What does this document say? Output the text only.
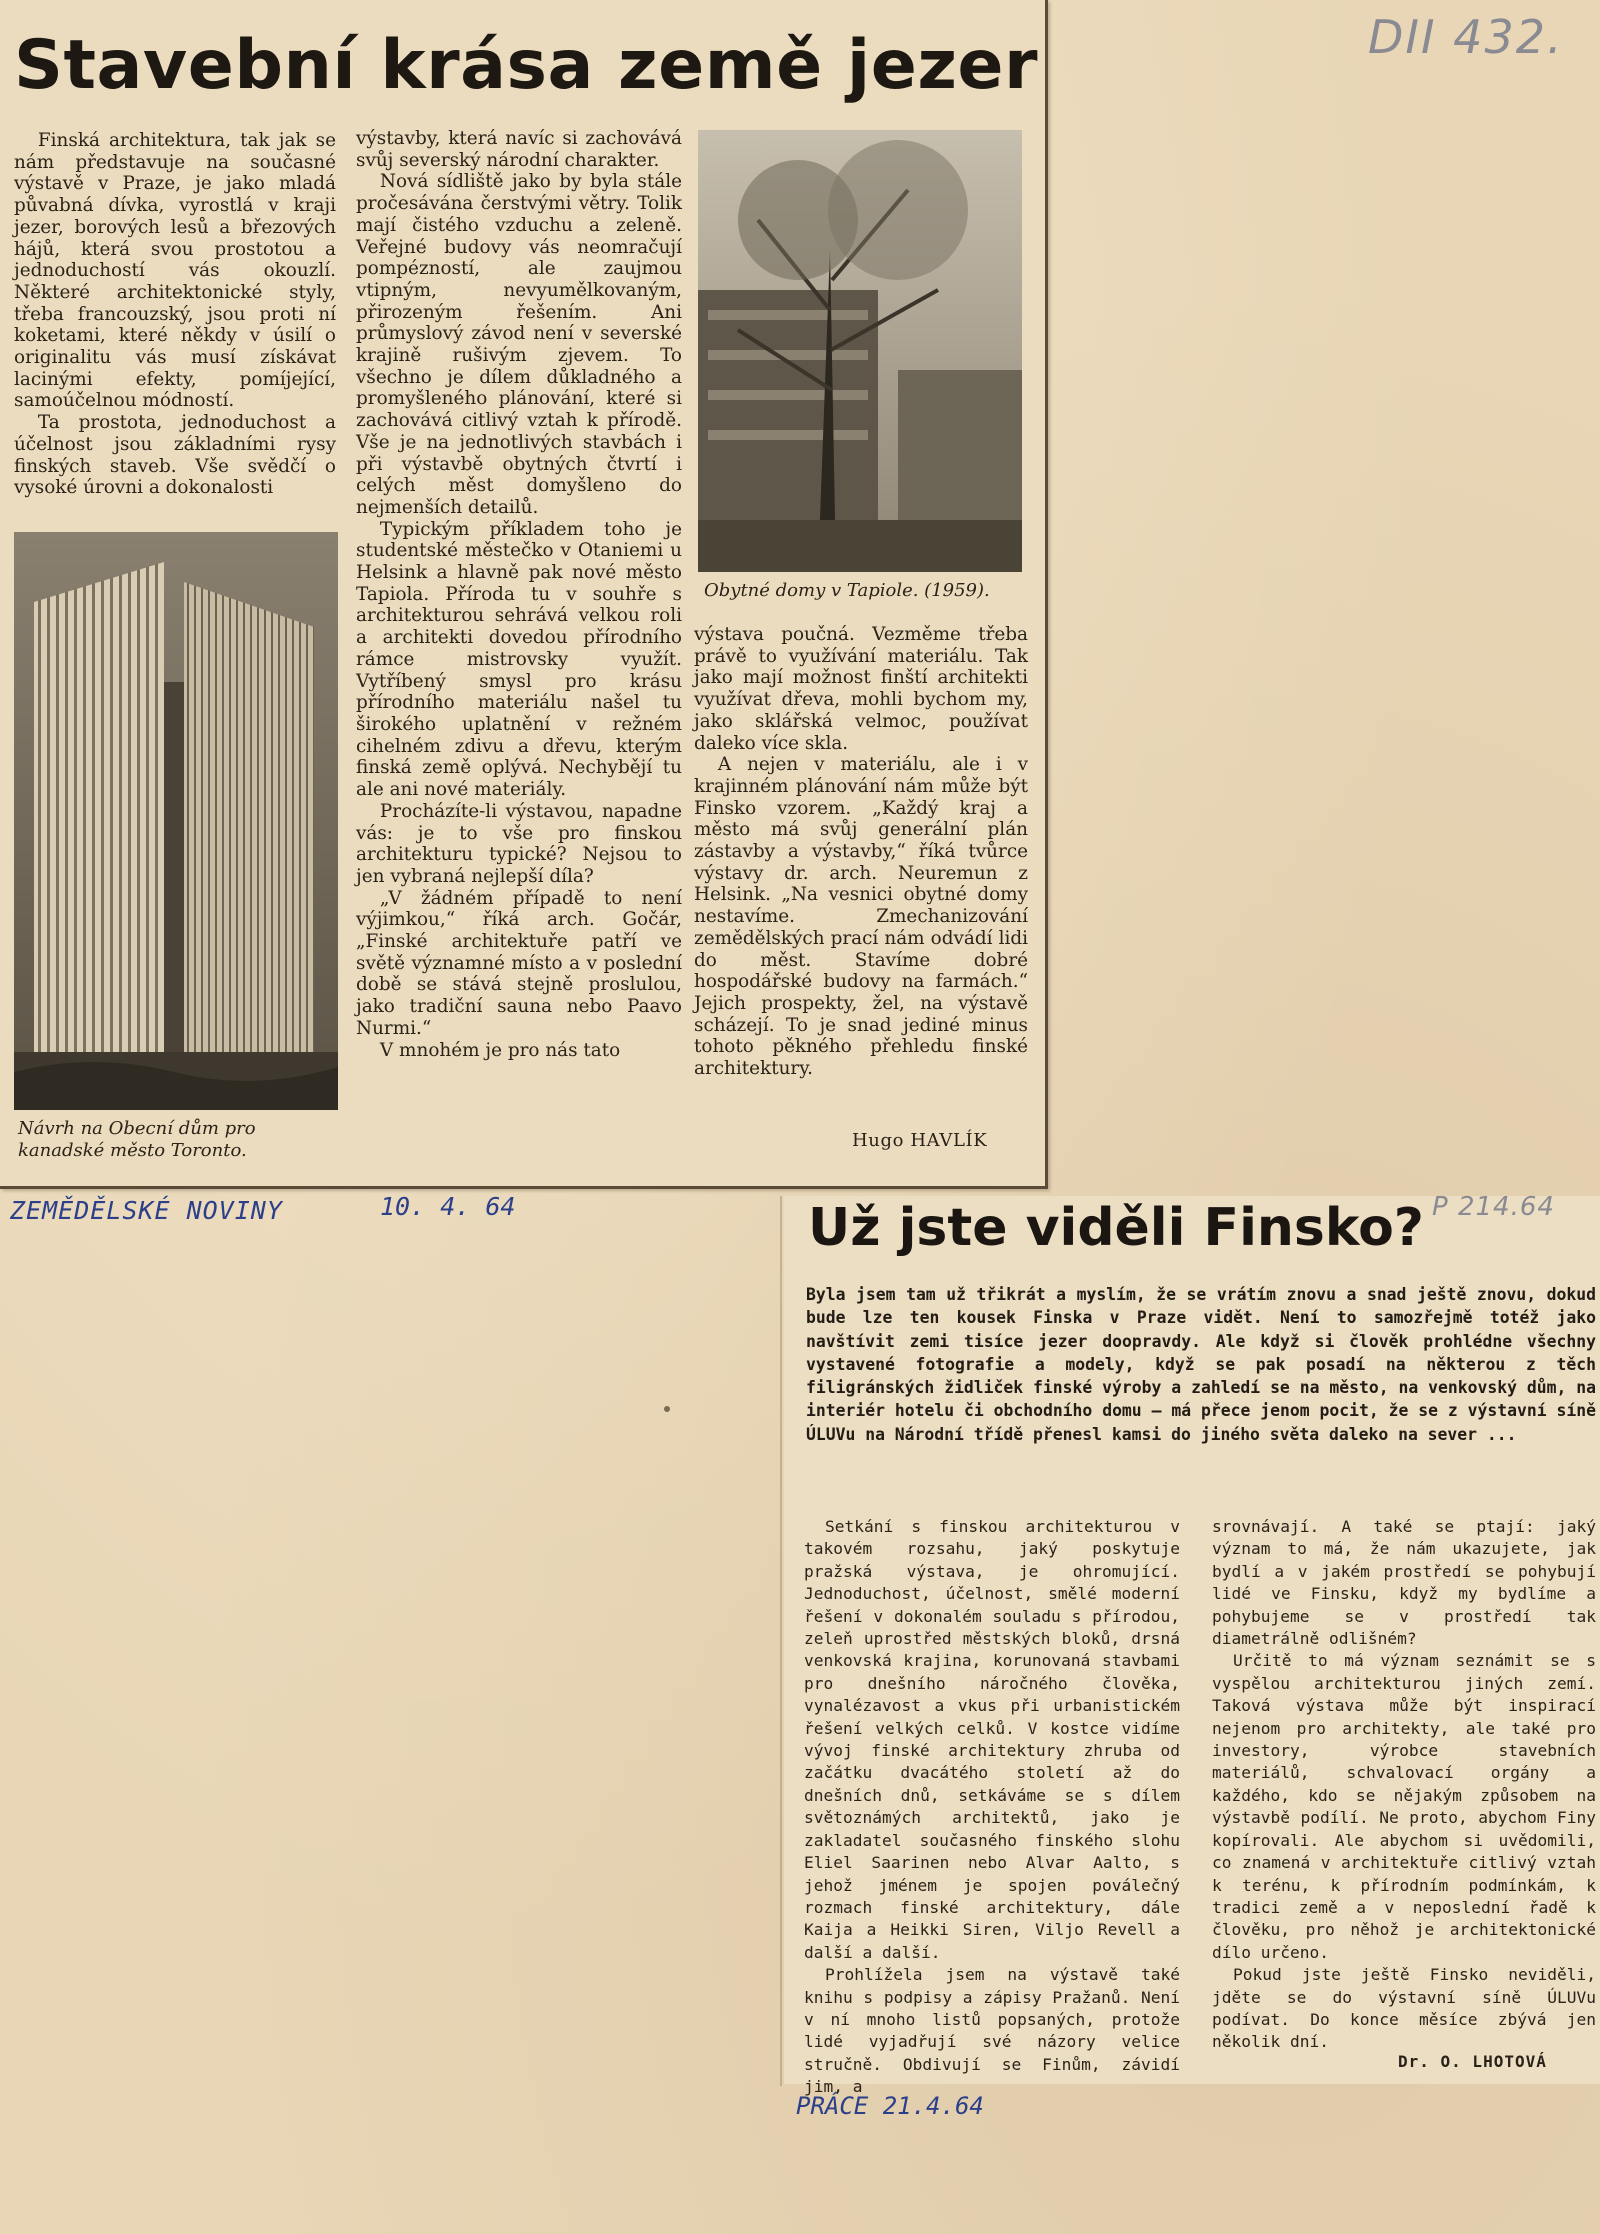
Stavební krása země jezer

Finská architektura, tak jak se nám představuje na současné výstavě v Praze, je jako mladá půvabná dívka, vyrostlá v kraji jezer, borových lesů a březových hájů, která svou prostotou a jednoduchostí vás okouzlí. Některé architektonické styly, třeba francouzský, jsou proti ní koketami, které někdy v úsilí o originalitu vás musí získávat lacinými efekty, pomíjející, samoúčelnou módností.

Ta prostota, jednoduchost a účelnost jsou základními rysy finských staveb. Vše svědčí o vysoké úrovni a dokonalosti

Návrh na Obecní dům pro kanadské město Toronto.

výstavby, která navíc si zachovává svůj severský národní charakter.

Nová sídliště jako by byla stále pročesávána čerstvými větry. Tolik mají čistého vzduchu a zeleně. Veřejné budovy vás neomračují pompézností, ale zaujmou vtipným, nevyumělkovaným, přirozeným řešením. Ani průmyslový závod není v severské krajině rušivým zjevem. To všechno je dílem důkladného a promyšleného plánování, které si zachovává citlivý vztah k přírodě. Vše je na jednotlivých stavbách i při výstavbě obytných čtvrtí i celých měst domyšleno do nejmenších detailů.

Typickým příkladem toho je studentské městečko v Otaniemi u Helsink a hlavně pak nové město Tapiola. Příroda tu v souhře s architekturou sehrává velkou roli a architekti dovedou přírodního rámce mistrovsky využít. Vytříbený smysl pro krásu přírodního materiálu našel tu širokého uplatnění v režném cihelném zdivu a dřevu, kterým finská země oplývá. Nechybějí tu ale ani nové materiály.

Procházíte-li výstavou, napadne vás: je to vše pro finskou architekturu typické? Nejsou to jen vybraná nejlepší díla?

„V žádném případě to není výjimkou,“ říká arch. Gočár, „Finské architektuře patří ve světě významné místo a v poslední době se stává stejně proslulou, jako tradiční sauna nebo Paavo Nurmi.“

V mnohém je pro nás tato

Obytné domy v Tapiole. (1959).

výstava poučná. Vezměme třeba právě to využívání materiálu. Tak jako mají možnost finští architekti využívat dřeva, mohli bychom my, jako sklářská velmoc, používat daleko více skla.

A nejen v materiálu, ale i v krajinném plánování nám může být Finsko vzorem. „Každý kraj a město má svůj generální plán zástavby a výstavby,“ říká tvůrce výstavy dr. arch. Neuremun z Helsink. „Na vesnici obytné domy nestavíme. Zmechanizování zemědělských prací nám odvádí lidi do měst. Stavíme dobré hospodářské budovy na farmách.“ Jejich prospekty, žel, na výstavě scházejí. To je snad jediné minus tohoto pěkného přehledu finské architektury.

Hugo HAVLÍK
DII 432.
ZEMĚDĚLSKÉ NOVINY	10. 4. 64	Už jste viděli Finsko? P 214.64
Byla jsem tam už třikrát a myslím, že se vrátím znovu a snad ještě znovu, dokud bude lze ten kousek Finska v Praze vidět. Není to samozřejmě totéž jako navštívit zemi tisíce jezer doopravdy. Ale když si člověk prohlédne všechny vystavené fotografie a modely, když se pak posadí na některou z těch filigránských židliček finské výroby a zahledí se na město, na venkovský dům, na interiér hotelu či obchodního domu — má přece jenom pocit, že se z výstavní síně ÚLUVu na Národní třídě přenesl kamsi do jiného světa daleko na sever ...

Setkání s finskou architekturou v takovém rozsahu, jaký poskytuje pražská výstava, je ohromující. Jednoduchost, účelnost, smělé moderní řešení v dokonalém souladu s přírodou, zeleň uprostřed městských bloků, drsná venkovská krajina, korunovaná stavbami pro dnešního náročného člověka, vynalézavost a vkus při urbanistickém řešení velkých celků. V kostce vidíme vývoj finské architektury zhruba od začátku dvacátého století až do dnešních dnů, setkáváme se s dílem světoznámých architektů, jako je zakladatel současného finského slohu Eliel Saarinen nebo Alvar Aalto, s jehož jménem je spojen poválečný rozmach finské architektury, dále Kaija a Heikki Siren, Viljo Revell a další a další.

Prohlížela jsem na výstavě také knihu s podpisy a zápisy Pražanů. Není v ní mnoho listů popsaných, protože lidé vyjadřují své názory velice stručně. Obdivují se Finům, závidí jim, a

srovnávají. A také se ptají: jaký význam to má, že nám ukazujete, jak bydlí a v jakém prostředí se pohybují lidé ve Finsku, když my bydlíme a pohybujeme se v prostředí tak diametrálně odlišném?

Určitě to má význam seznámit se s vyspělou architekturou jiných zemí. Taková výstava může být inspirací nejenom pro architekty, ale také pro investory, výrobce stavebních materiálů, schvalovací orgány a každého, kdo se nějakým způsobem na výstavbě podílí. Ne proto, abychom Finy kopírovali. Ale abychom si uvědomili, co znamená v architektuře citlivý vztah k terénu, k přírodním podmínkám, k tradici země a v neposlední řadě k člověku, pro něhož je architektonické dílo určeno.

Pokud jste ještě Finsko neviděli, jděte se do výstavní síně ÚLUVu podívat. Do konce měsíce zbývá jen několik dní.

Dr. O. LHOTOVÁ
PRÁCE 21.4.64
